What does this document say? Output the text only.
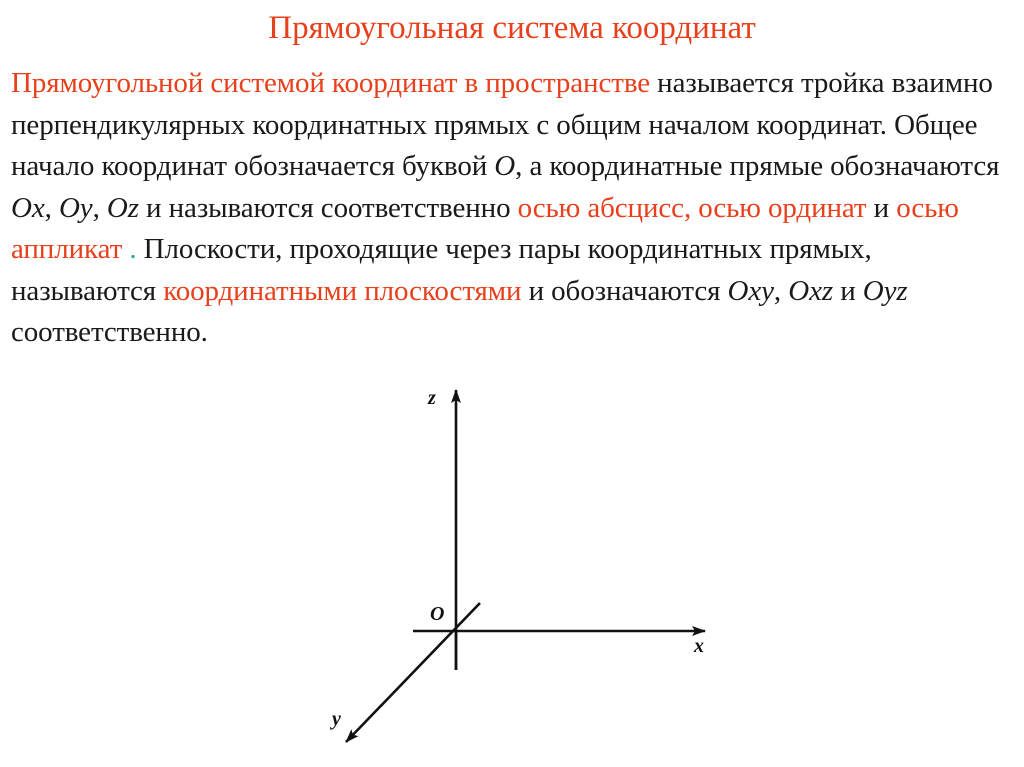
Прямоугольная система координат
Прямоугольной системой координат в пространстве называется тройка взаимно перпендикулярных координатных прямых с общим началом координат. Общее начало координат обозначается буквой O, а координатные прямые обозначаются Ox, Oy, Oz и называются соответственно осью абсцисс, осью ординат и осью аппликат . Плоскости, проходящие через пары координатных прямых, называются координатными плоскостями и обозначаются Oxy, Oxz и Oyz соответственно.
z
x
y
O
